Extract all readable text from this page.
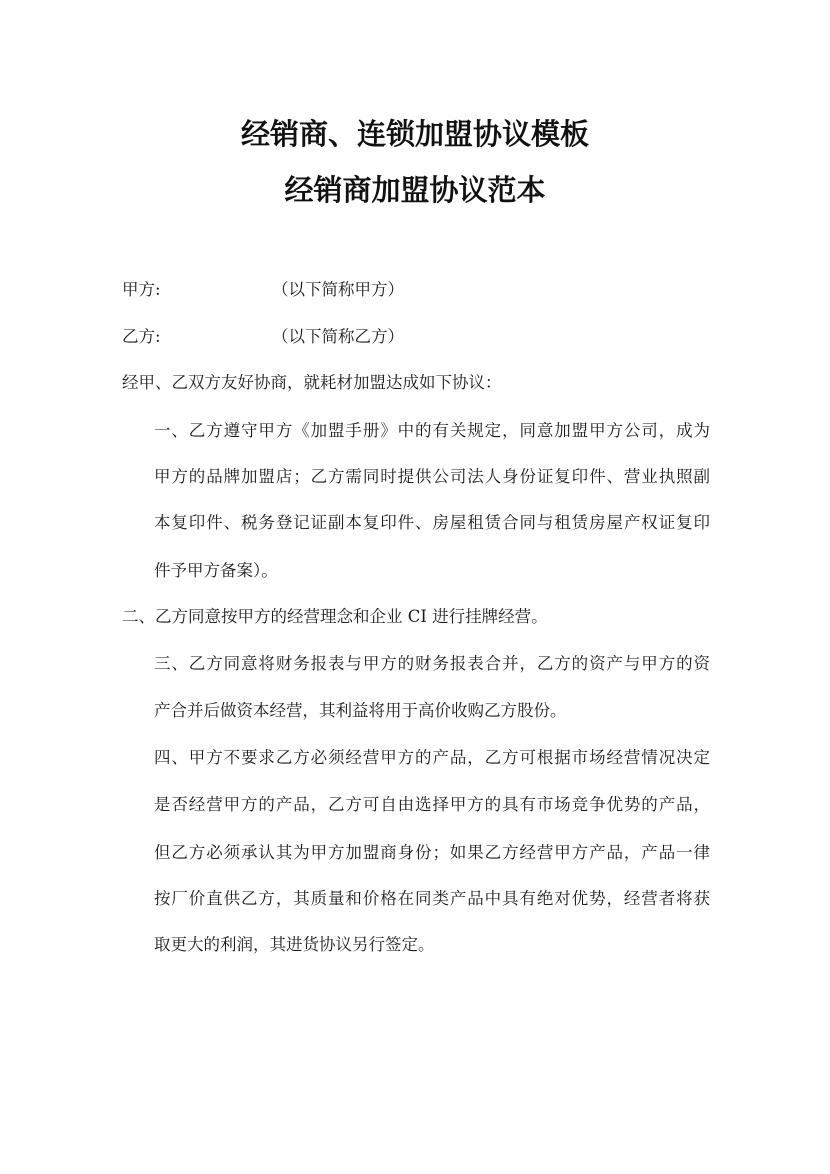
经销商、连锁加盟协议模板
经销商加盟协议范本
甲方:	（以下简称甲方）
乙方:	（以下简称乙方）
经甲、乙双方友好协商，就耗材加盟达成如下协议：
一、乙方遵守甲方《加盟手册》中的有关规定，同意加盟甲方公司，成为
甲方的品牌加盟店；乙方需同时提供公司法人身份证复印件、营业执照副
本复印件、税务登记证副本复印件、房屋租赁合同与租赁房屋产权证复印
件予甲方备案）。
二、乙方同意按甲方的经营理念和企业 CI 进行挂牌经营。
三、乙方同意将财务报表与甲方的财务报表合并，乙方的资产与甲方的资
产合并后做资本经营，其利益将用于高价收购乙方股份。
四、甲方不要求乙方必须经营甲方的产品，乙方可根据市场经营情况决定
是否经营甲方的产品，乙方可自由选择甲方的具有市场竞争优势的产品，
但乙方必须承认其为甲方加盟商身份；如果乙方经营甲方产品，产品一律
按厂价直供乙方，其质量和价格在同类产品中具有绝对优势，经营者将获
取更大的利润，其进货协议另行签定。
